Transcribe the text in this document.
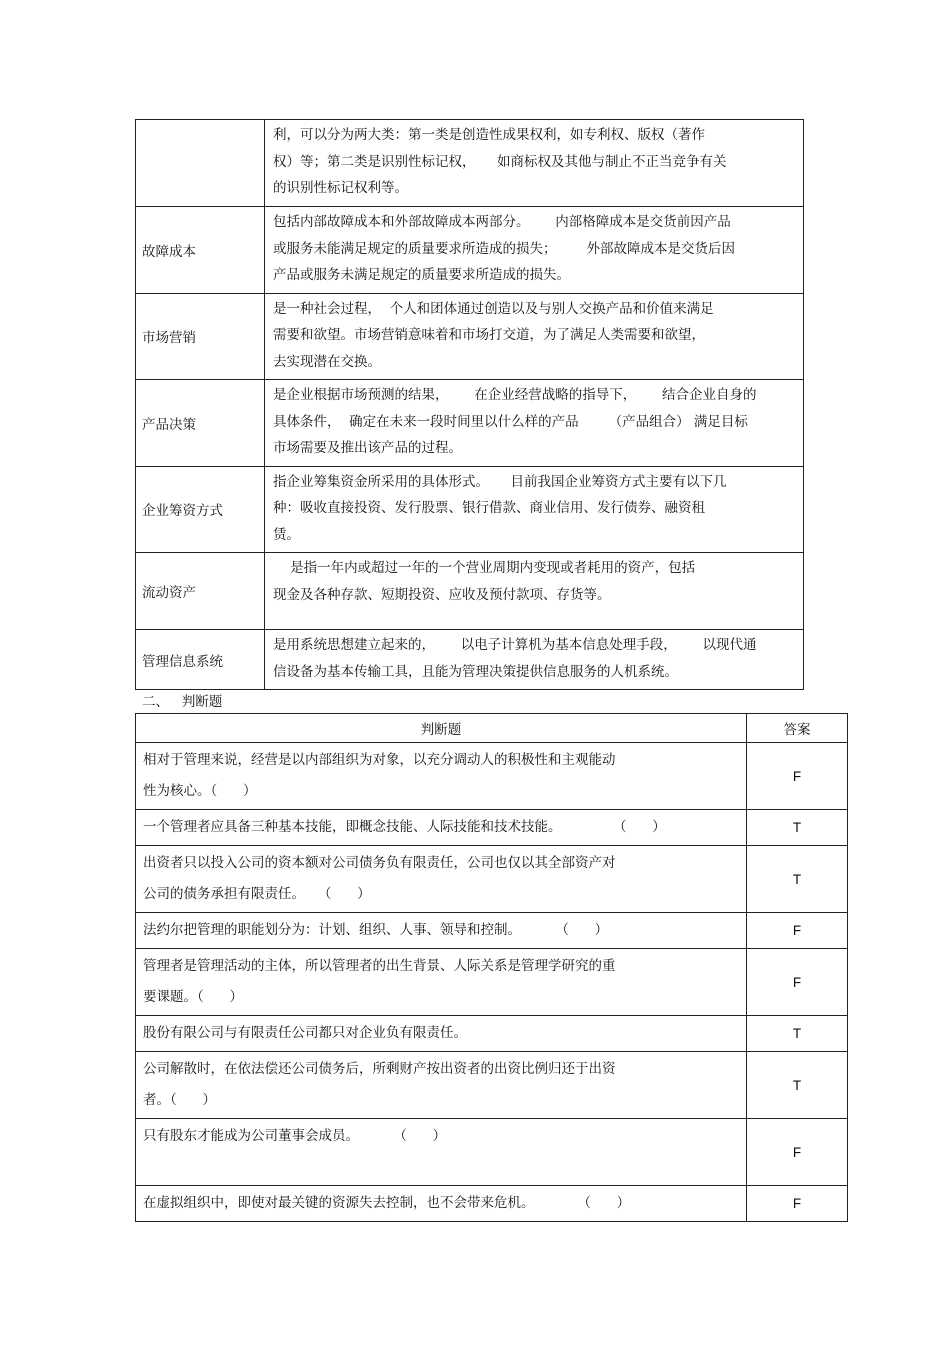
	利，可以分为两大类：第一类是创造性成果权利，如专利权、版权（著作
权）等；第二类是识别性标记权，     如商标权及其他与制止不正当竞争有关
的识别性标记权利等。

故障成本	包括内部故障成本和外部故障成本两部分。      内部格障成本是交货前因产品
或服务未能满足规定的质量要求所造成的损失；       外部故障成本是交货后因
产品或服务未满足规定的质量要求所造成的损失。

市场营销	是一种社会过程，  个人和团体通过创造以及与别人交换产品和价值来满足
需要和欲望。市场营销意味着和市场打交道，为了满足人类需要和欲望，
去实现潜在交换。

产品决策	是企业根据市场预测的结果，      在企业经营战略的指导下，      结合企业自身的
具体条件，  确定在未来一段时间里以什么样的产品       （产品组合） 满足目标
市场需要及推出该产品的过程。

企业筹资方式	指企业筹集资金所采用的具体形式。     目前我国企业筹资方式主要有以下几
种：吸收直接投资、发行股票、银行借款、商业信用、发行债券、融资租
赁。

流动资产	是指一年内或超过一年的一个营业周期内变现或者耗用的资产，包括
现金及各种存款、短期投资、应收及预付款项、存货等。

管理信息系统	是用系统思想建立起来的，      以电子计算机为基本信息处理手段，      以现代通
信设备为基本传输工具，且能为管理决策提供信息服务的人机系统。
二、   判断题
判断题	答案

相对于管理来说，经营是以内部组织为对象，以充分调动人的积极性和主观能动
性为核心。（      ）	F

一个管理者应具备三种基本技能，即概念技能、人际技能和技术技能。            （      ）	T

出资者只以投入公司的资本额对公司债务负有限责任，公司也仅以其全部资产对
公司的债务承担有限责任。   （      ）	T

法约尔把管理的职能划分为：计划、组织、人事、领导和控制。        （      ）	F

管理者是管理活动的主体，所以管理者的出生背景、人际关系是管理学研究的重
要课题。（      ）	F

股份有限公司与有限责任公司都只对企业负有限责任。	T

公司解散时，在依法偿还公司债务后，所剩财产按出资者的出资比例归还于出资
者。（      ）	T

只有股东才能成为公司董事会成员。        （      ）	F

在虚拟组织中，即使对最关键的资源失去控制，也不会带来危机。          （      ）	F
